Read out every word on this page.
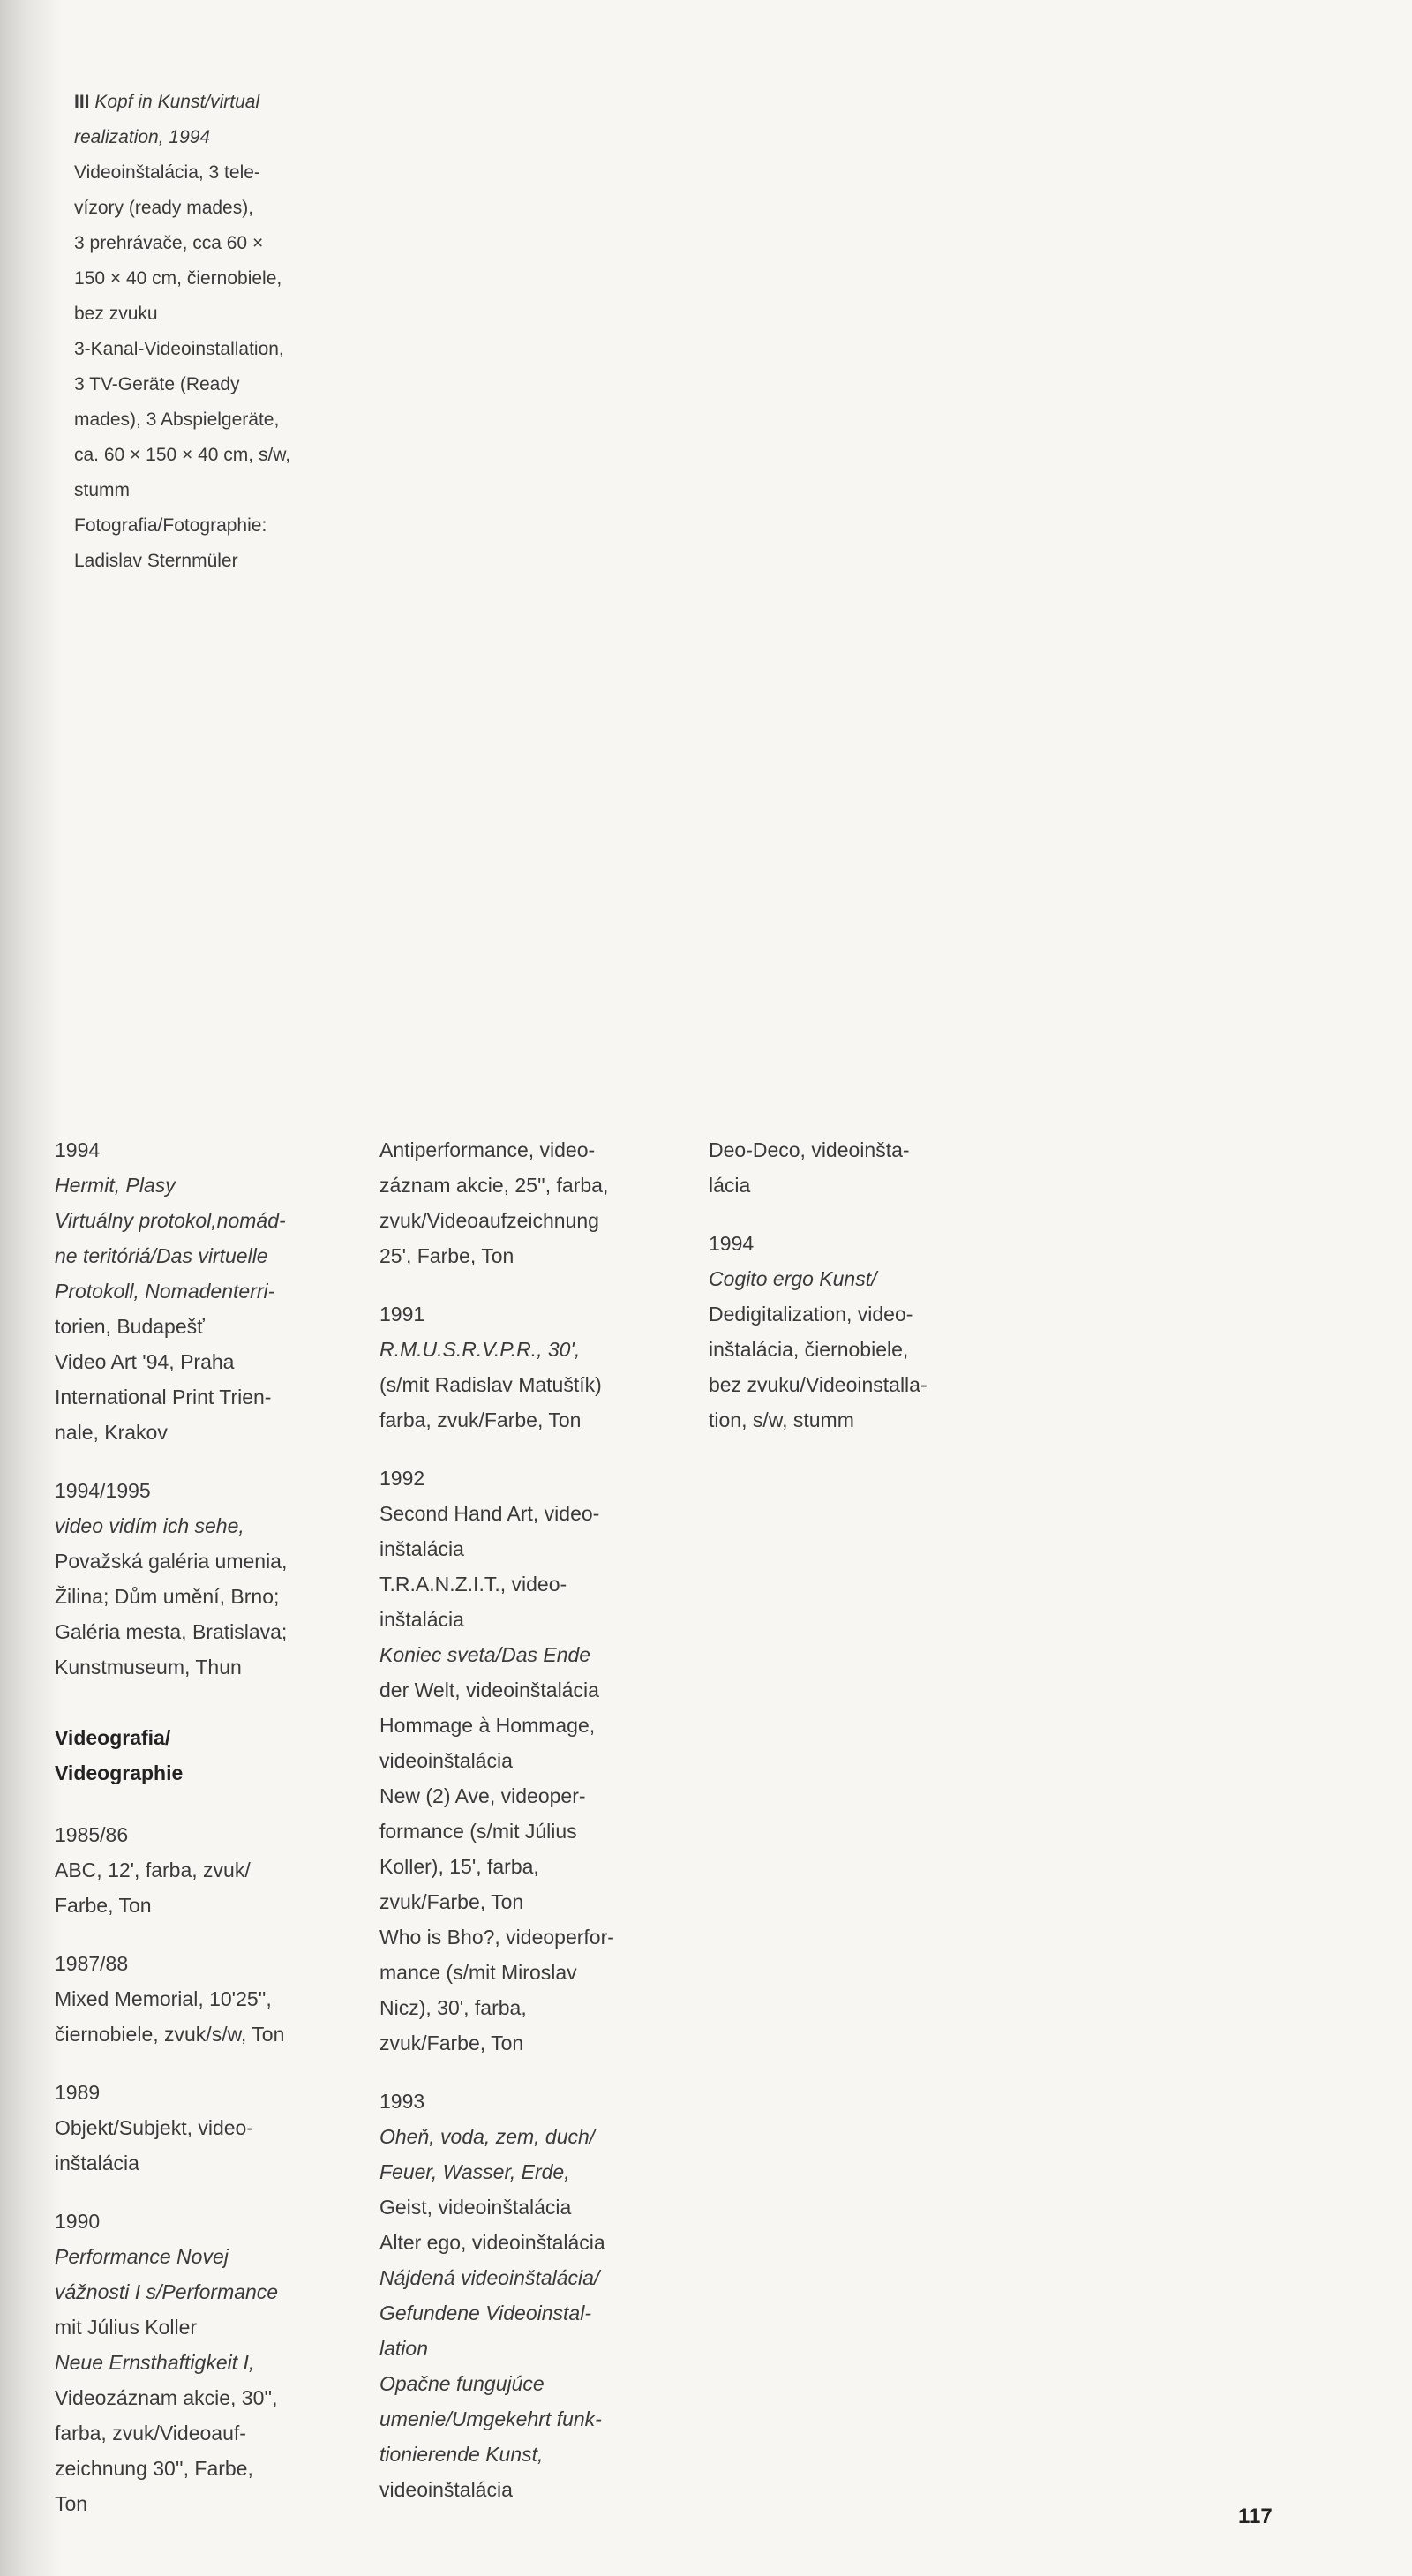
III Kopf in Kunst/virtual

realization, 1994

Videoinštalácia, 3 tele-

vízory (ready mades),

3 prehrávače, cca 60 ×

150 × 40 cm, čiernobiele,

bez zvuku

3-Kanal-Videoinstallation,

3 TV-Geräte (Ready

mades), 3 Abspielgeräte,

ca. 60 × 150 × 40 cm, s/w,

stumm

Fotografia/Fotographie:

Ladislav Sternmüler

1994

Hermit, Plasy

Virtuálny protokol,nomád-

ne teritóriá/Das virtuelle

Protokoll, Nomadenterri-

torien, Budapešť

Video Art '94, Praha

International Print Trien-

nale, Krakov

1994/1995

video vidím ich sehe,

Považská galéria umenia,

Žilina; Dům umění, Brno;

Galéria mesta, Bratislava;

Kunstmuseum, Thun

Videografia/
Videographie

1985/86

ABC, 12', farba, zvuk/

Farbe, Ton

1987/88

Mixed Memorial, 10'25'',

čiernobiele, zvuk/s/w, Ton

1989

Objekt/Subjekt, video-

inštalácia

1990

Performance Novej

vážnosti I s/Performance

mit Július Koller

Neue Ernsthaftigkeit I,

Videozáznam akcie, 30'',

farba, zvuk/Videoauf-

zeichnung 30'', Farbe,

Ton

Antiperformance, video-

záznam akcie, 25'', farba,

zvuk/Videoaufzeichnung

25', Farbe, Ton

1991

R.M.U.S.R.V.P.R., 30',

(s/mit Radislav Matuštík)

farba, zvuk/Farbe, Ton

1992

Second Hand Art, video-

inštalácia

T.R.A.N.Z.I.T., video-

inštalácia

Koniec sveta/Das Ende

der Welt, videoinštalácia

Hommage à Hommage,

videoinštalácia

New (2) Ave, videoper-

formance (s/mit Július

Koller), 15', farba,

zvuk/Farbe, Ton

Who is Bho?, videoperfor-

mance (s/mit Miroslav

Nicz), 30', farba,

zvuk/Farbe, Ton

1993

Oheň, voda, zem, duch/

Feuer, Wasser, Erde,

Geist, videoinštalácia

Alter ego, videoinštalácia

Nájdená videoinštalácia/

Gefundene Videoinstal-

lation

Opačne fungujúce

umenie/Umgekehrt funk-

tionierende Kunst,

videoinštalácia

Deo-Deco, videoinšta-

lácia

1994

Cogito ergo Kunst/

Dedigitalization, video-

inštalácia, čiernobiele,

bez zvuku/Videoinstalla-

tion, s/w, stumm

117
